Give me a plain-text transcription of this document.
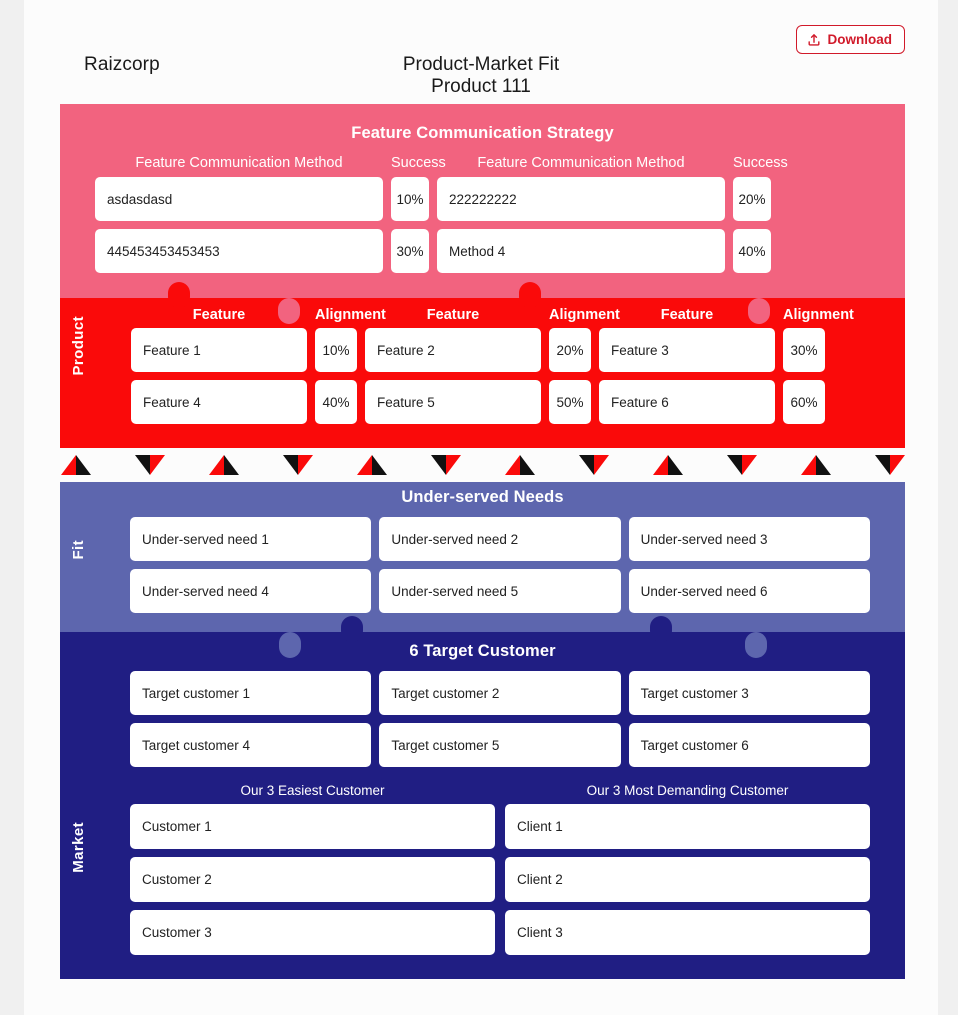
Download
Raizcorp	Product-Market Fit
Product 111
Feature Communication Strategy
Feature Communication Method	Success	Feature Communication Method	Success
asdasdasd	10%	222222222	20%
445453453453453	30%	Method 4	40%
Product
Feature	Alignment	Feature	Alignment	Feature	Alignment
Feature 1	10%	Feature 2	20%	Feature 3	30%
Feature 4	40%	Feature 5	50%	Feature 6	60%
Fit
Under-served Needs
Under-served need 1	Under-served need 2	Under-served need 3
Under-served need 4	Under-served need 5	Under-served need 6
Market
6 Target Customer
Target customer 1	Target customer 2	Target customer 3
Target customer 4	Target customer 5	Target customer 6
Our 3 Easiest Customer	Our 3 Most Demanding Customer
Customer 1	Client 1
Customer 2	Client 2
Customer 3	Client 3
